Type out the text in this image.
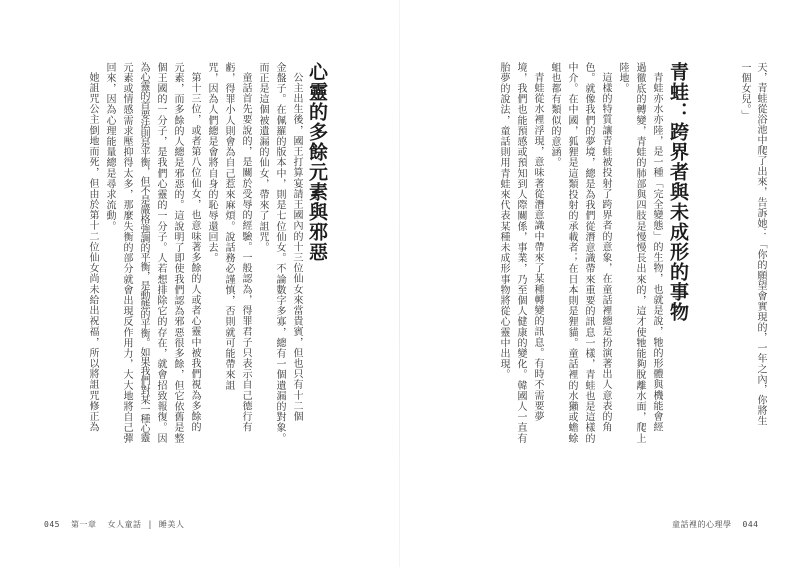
心靈的多餘元素與邪惡
公主出生後，國王打算宴請王國內的十三位仙女來當貴賓，但也只有十二個
金盤子。在佩羅的版本中，則是七位仙女。不論數字多寡，總有一個遺漏的對象。
而正是這個被遺漏的仙女，帶來了詛咒。
童話首先要說的，是關於受辱的經驗。一般認為，得罪君子只表示自己德行有
虧，得罪小人則會為自己惹來麻煩。說話務必謹慎，否則就可能帶來詛
咒，因為人們總是會將自身的恥辱還回去。
第十三位，或者第八位仙女，也意味著多餘的人或者心靈中被我們視為多餘的
元素，而多餘的人總是邪惡的。這說明了即使我們認為邪惡很多餘，但它依舊是整
個王國的一分子，是我們心靈的一分子。人若想排除它的存在，就會招致報復。因
為心靈的首要法則是平衡，但不是嚴格強調的平衡，是動態的平衡。如果我們對某一種心靈
元素或情感需求壓抑得太多，那麼失衡的部分就會出現反作用力，大大地將自己彈
回來，因為心理能量總是尋求流動。
她詛咒公主倒地而死，但由於第十二位仙女尚未給出祝福，所以將詛咒修正為
045 第一章 女人童話 | 睡美人
天，青蛙從浴池中爬了出來，告訴她：「你的願望會實現的，一年之內，你將生
一個女兒。」
青蛙：跨界者與未成形的事物
青蛙亦水亦陸，是一種「完全變態」的生物，也就是說，牠的形體與機能會經
過徹底的轉變，青蛙的肺部與四肢是慢慢長出來的，這才使牠能夠脫離水面，爬上
陸地。
這樣的特質讓青蛙被投射了跨界者的意象，在童話裡總是扮演著出人意表的角
色。就像我們的夢境，總是為我們從潛意識帶來重要的訊息一樣，青蛙也是這樣的
中介。在中國，狐狸是這類投射的承載者；在日本則是狸貓。童話裡的水獺或蟾蜍
蛆也都有類似的意涵。
青蛙從水裡浮現，意味著從潛意識中帶來了某種轉變的訊息。有時不需要夢
境，我們也能預感或預知到人際關係，事業，乃至個人健康的變化。韓國人一直有
胎夢的說法，童話則用青蛙來代表某種未成形事物將從心靈中出現。
童話裡的心理學 044
